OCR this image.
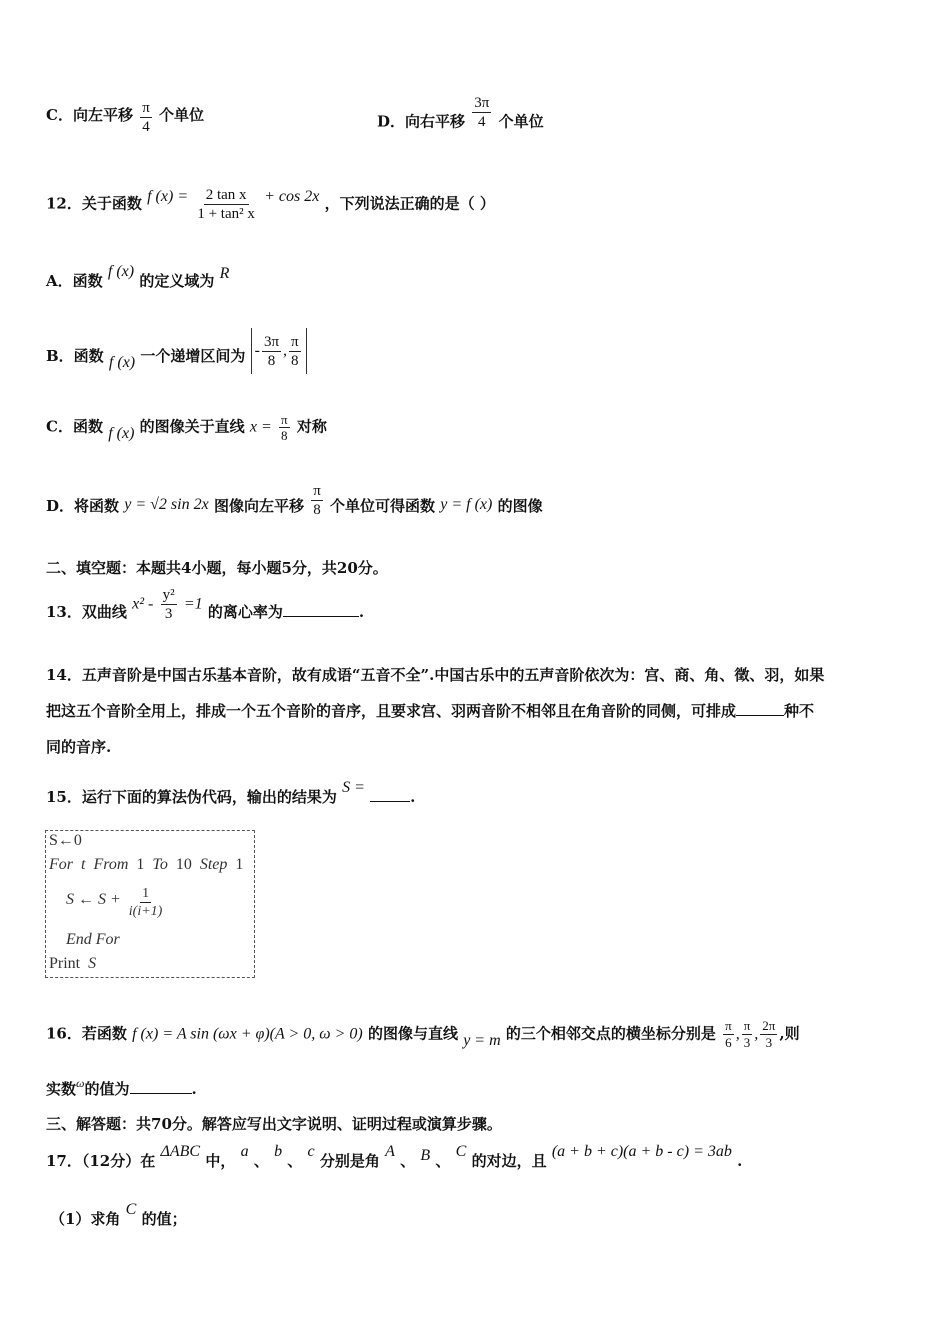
C．向左平移 $\frac{\pi}{4}$ 个单位	D．向右平移 $\frac{3\pi}{4}$ 个单位
12．关于函数 f $(x) = \frac{\text{2 tan x}}{\text{1 + tan² x}} + \cos 2x$ ，下列说法正确的是（ ）
A．函数 f (x) 的定义域为 R
B．函数 f (x) 一个递增区间为 - $\frac{3\pi}{8}$ , $\frac{\pi}{8}$
C．函数 f (x) 的图像关于直线 $x = \frac{\pi}{8}$ 对称
D．将函数 y = √2 sin 2x 图像向左平移 $\frac{\pi}{8}$ 个单位可得函数 y = f (x) 的图像
二、填空题：本题共4小题，每小题5分，共20分。
13．双曲线 $x^2 - \frac{\text{y²}}{3} =1$ 的离心率为	.
14．五声音阶是中国古乐基本音阶，故有成语“五音不全”.中国古乐中的五声音阶依次为：宫、商、角、徵、羽，如果
把这五个音阶全用上，排成一个五个音阶的音序，且要求宫、羽两音阶不相邻且在角音阶的同侧，可排成	种不
同的音序.
15．运行下面的算法伪代码，输出的结果为 S = .
S←0
For t From 1 To 10 Step 1
S ← $S + \frac{1}{i(i+1)}$
End For
Print S
16．若函数 f (x) = A sin (ωx + φ)(A > 0, ω > 0) 的图像与直线 y = m 的三个相邻交点的横坐标分别是 $\frac{\pi}{6}$ , $\frac{\pi}{3}$ , $\frac{2\pi}{3}$ ,则
实数$^\omega$的值为	.
三、解答题：共70分。解答应写出文字说明、证明过程或演算步骤。
17．（12分）在 ΔABC 中， a 、 b 、 c 分别是角 A 、 B 、 C 的对边，且 (a + b + c)(a + b - c) = 3ab .
（1）求角 C 的值；
